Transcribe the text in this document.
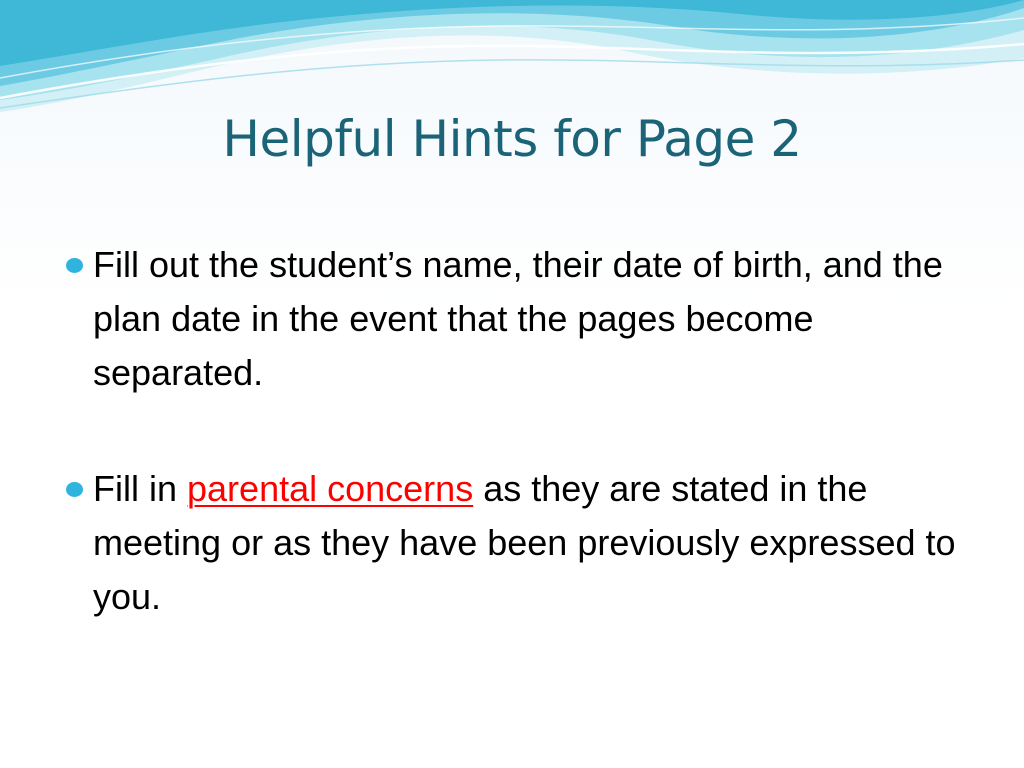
Helpful Hints for Page 2
Fill out the student’s name, their date of birth, and the plan date in the event that the pages become separated.
Fill in parental concerns as they are stated in the meeting or as they have been previously expressed to you.
